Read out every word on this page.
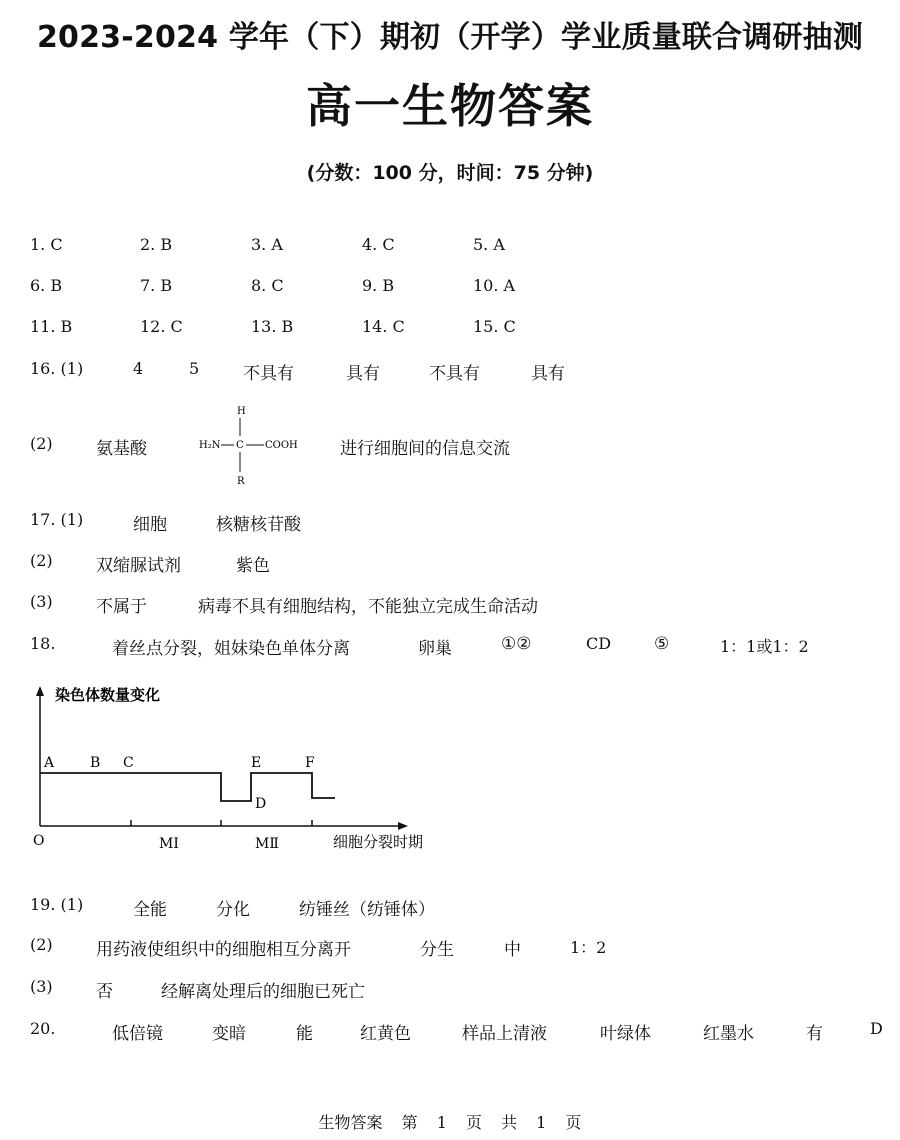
2023-2024 学年（下）期初（开学）学业质量联合调研抽测
高一生物答案
(分数：100 分，时间：75 分钟)
1. C	2. B	3. A	4. C	5. A
6. B	7. B	8. C	9. B	10. A
11. B	12. C	13. B	14. C	15. C
16. (1)	4	5	不具有	具有	不具有	具有
(2)	氨基酸	进行细胞间的信息交流
H
H₂N C COOH
R
17. (1)	细胞	核糖核苷酸
(2)	双缩脲试剂	紫色
(3)	不属于	病毒不具有细胞结构，不能独立完成生命活动
18.	着丝点分裂，姐妹染色单体分离	卵巢	①②	CD	⑤	1：1或1：2
染色体数量变化
细胞分裂时期
O	MⅠ	MⅡ
A	B C
D
E	F
19. (1)	全能	分化	纺锤丝（纺锤体）
(2)	用药液使组织中的细胞相互分离开	分生	中	1：2
(3)	否	经解离处理后的细胞已死亡
20.	低倍镜	变暗	能	红黄色	样品上清液	叶绿体	红墨水	有	D
生物答案 第 1 页 共 1 页
